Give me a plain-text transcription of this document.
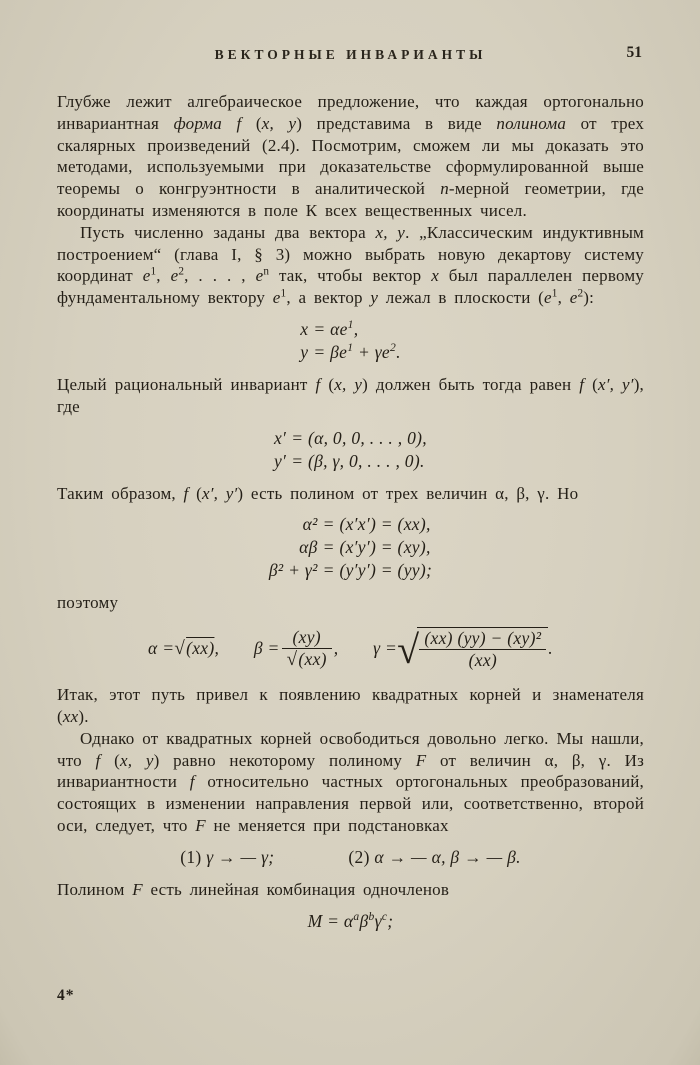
ВЕКТОРНЫЕ ИНВАРИАНТЫ	51

Глубже лежит алгебраическое предложение, что каждая ортогонально инвариантная форма f (x, y) представима в виде полинома от трех скалярных произведений (2.4). Посмотрим, сможем ли мы доказать это методами, используемыми при доказательстве сформулированной выше теоремы о конгруэнтности в аналитической n-мерной геометрии, где координаты изменяются в поле К всех вещественных чисел.

Пусть численно заданы два вектора x, y. „Классическим индуктивным построением“ (глава I, § 3) можно выбрать новую декартову систему координат $e^1$, $e^2$, . . . , $e^n$ так, чтобы вектор x был параллелен первому фундаментальному вектору $e^1$, а вектор y лежал в плоскости ($e^1$, $e^2$):

$x = \alpha e^1$,
$y = \beta e^1 + \gamma e^2$.

Целый рациональный инвариант f (x, y) должен быть тогда равен f (x′, y′), где

x′ = (α, 0, 0, . . . , 0),
y′ = (β, γ, 0, . . . , 0).

Таким образом, f (x′, y′) есть полином от трех величин α, β, γ. Но

α² = (x′x′) = (xx),
αβ = (x′y′) = (xy),
β² + γ² = (y′y′) = (yy);

поэтому

α = √ (xx) ,
$\beta = \frac{(xy)}{√(xx)}$ ,
γ = √ $\frac{\text{(xx) (yy) − (xy)²}}{(xx)}$ .

Итак, этот путь привел к появлению квадратных корней и знаменателя (xx).

Однако от квадратных корней освободиться довольно легко. Мы нашли, что f (x, y) равно некоторому полиному F от величин α, β, γ. Из инвариантности f относительно частных ортогональных преобразований, состоящих в изменении направления первой или, соответственно, второй оси, следует, что F не меняется при подстановках

(1) γ → — γ;	(2) α → — α, β → — β.

Полином F есть линейная комбинация одночленов

$M = \alpha^a\beta^b\gamma^c$;
4*
